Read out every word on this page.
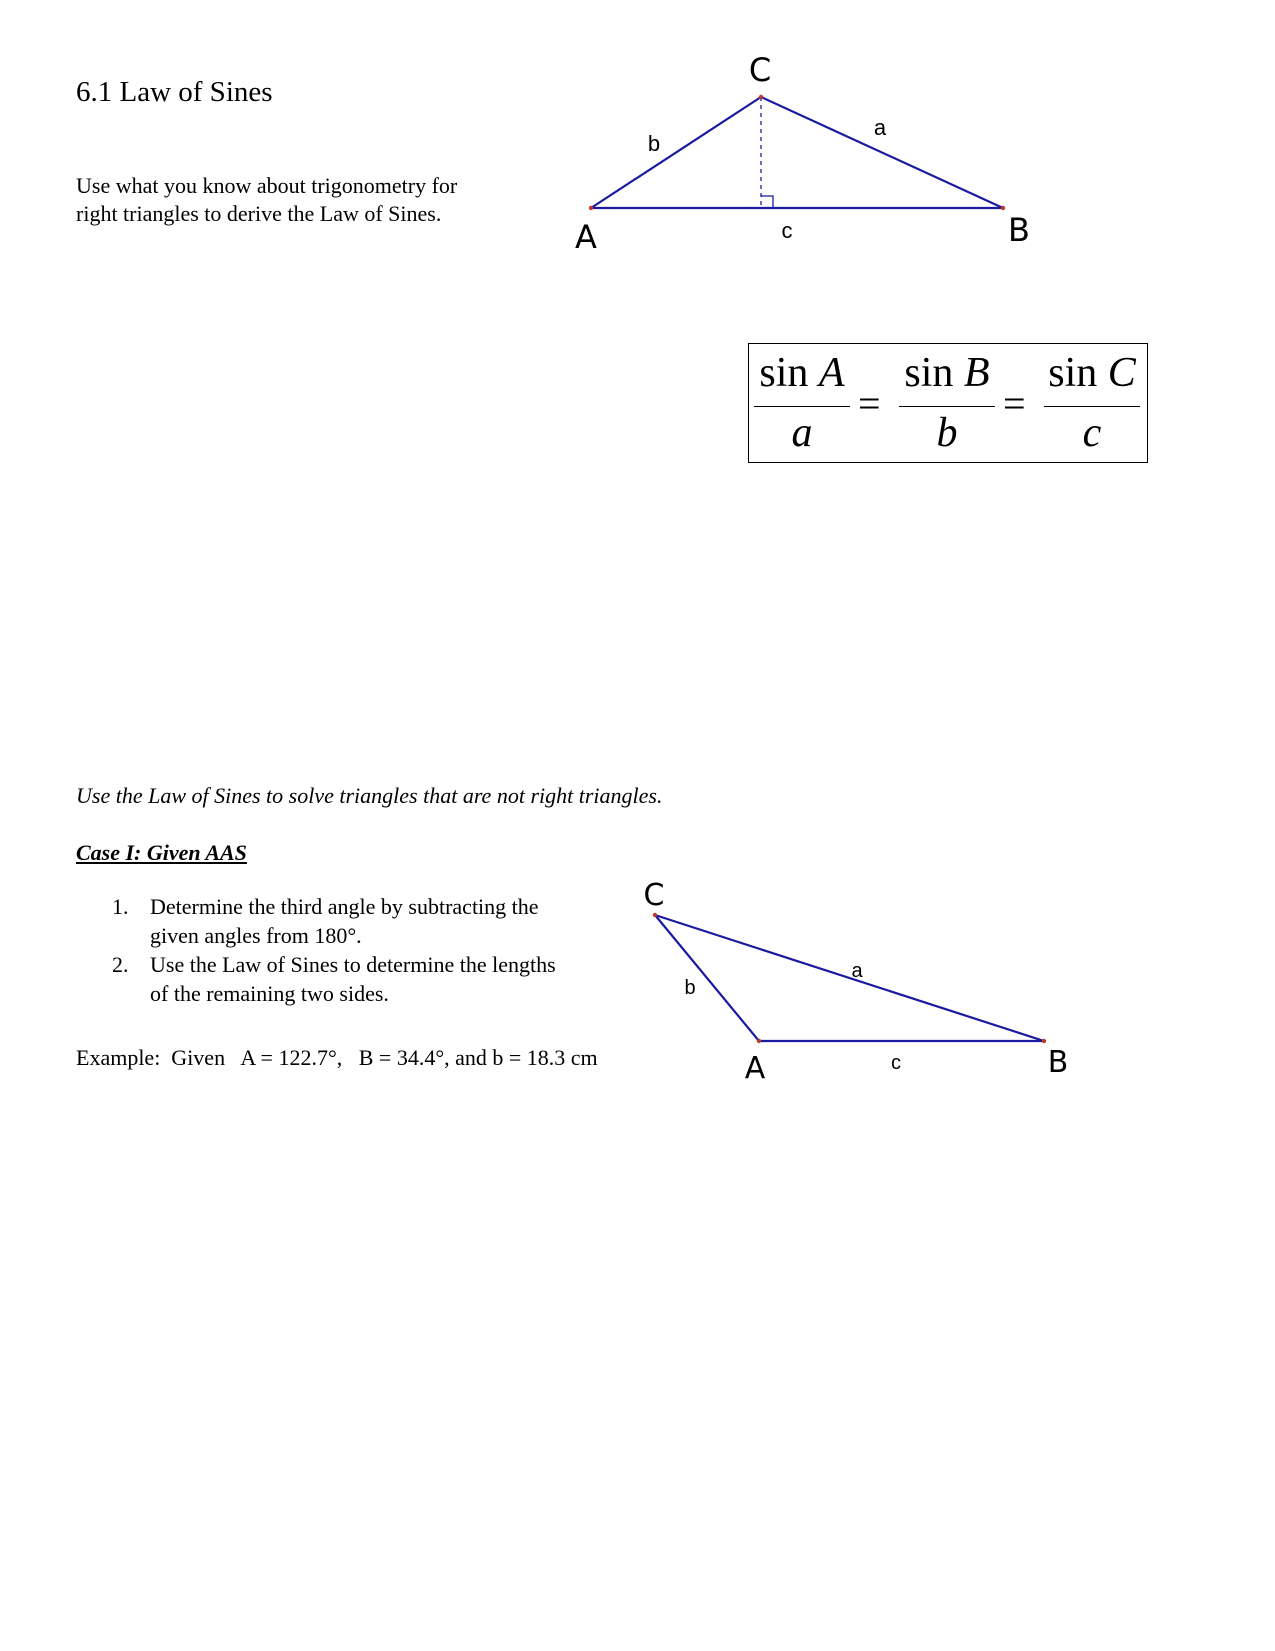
6.1 Law of Sines
Use what you know about trigonometry for
right triangles to derive the Law of Sines.
A	B
C
a
b
c
sin A
a
=
sin B
b
=
sin C
c
Use the Law of Sines to solve triangles that are not right triangles.
Case I: Given AAS
1. Determine the third angle by subtracting the
given angles from 180°.
2. Use the Law of Sines to determine the lengths
of the remaining two sides.
Example:  Given   A = 122.7°,   B = 34.4°, and b = 18.3 cm	A	B
C
a
b
c
